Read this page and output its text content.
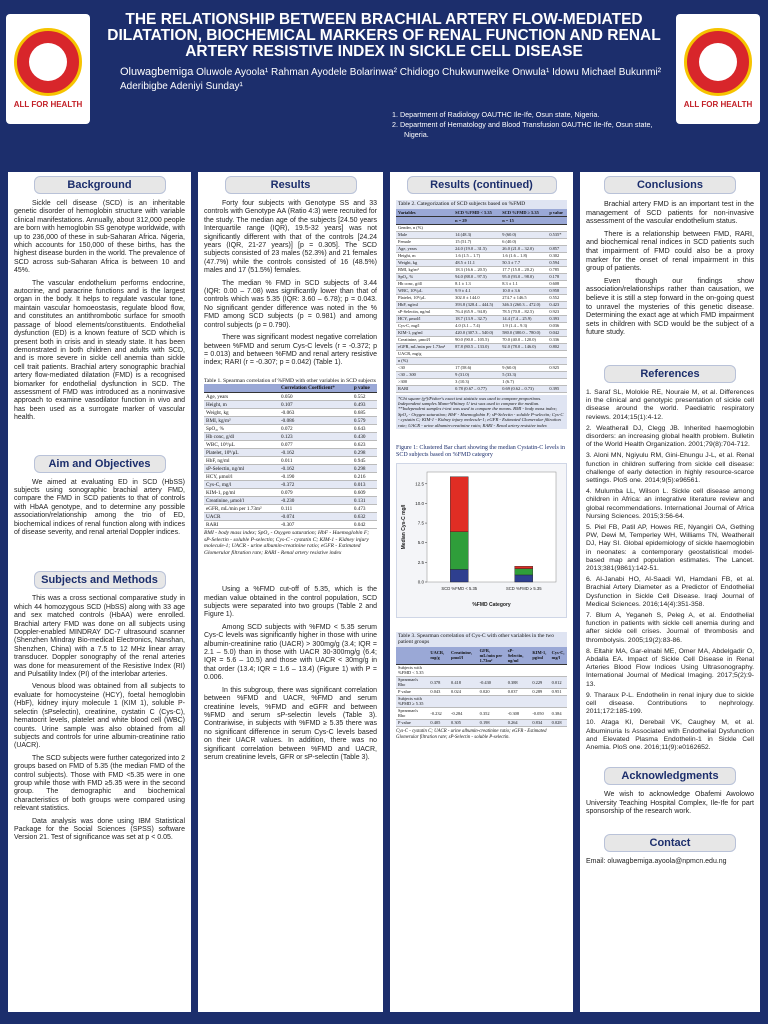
ALL FOR HEALTH	ALL FOR HEALTH
THE RELATIONSHIP BETWEEN BRACHIAL ARTERY FLOW-MEDIATED DILATATION, BIOCHEMICAL MARKERS OF RENAL FUNCTION AND RENAL ARTERY RESISTIVE INDEX IN SICKLE CELL DISEASE
Oluwagbemiga Oluwole Ayoola¹ Rahman Ayodele Bolarinwa² Chidiogo Chukwunweike Onwula¹ Idowu Michael Bukunmi² Aderibigbe Adeniyi Sunday¹
1. Department of Radiology OAUTHC Ile-Ife, Osun state, Nigeria.
2. Department of Hematology and Blood Transfusion OAUTHC Ile-Ife, Osun state, Nigeria.
Background

Sickle cell disease (SCD) is an inheritable genetic disorder of hemoglobin structure with variable clinical manifestations. Annually, about 312,000 people are born with hemoglobin SS genotype worldwide, with up to 236,000 of these in sub-Saharan Africa. Nigeria, which accounts for 150,000 of these births, has the highest disease burden in the world. The prevalence of SCD across sub-Saharan Africa is between 10 and 45%.

The vascular endothelium performs endocrine, autocrine, and paracrine functions and is the largest organ in the body. It helps to regulate vascular tone, maintain vascular homoeostasis, regulate blood flow, and constitutes an antithrombotic surface for smooth passage of blood elements/constituents. Endothelial dysfunction (ED) is a known feature of SCD which is present both in crisis and in steady state. It has been demonstrated in both children and adults with SCD, and is more severe in sickle cell anemia than sickle cell trait patients. Brachial artery sonographic brachial artery flow-mediated dilatation (FMD) is a recognised biomarker for endothelial dysfunction in SCD. The assessment of FMD was introduced as a noninvasive approach to examine vasodilator function in vivo and has been used as a surrogate marker of vascular health.

Aim and Objectives

We aimed at evaluating ED in SCD (HbSS) subjects using sonographic brachial artery FMD, compare the FMD in SCD patients to that of controls with HbAA genotype, and to determine any possible association/relationship among the trio of ED, biochemical indices of renal function along with indices of disease severity, and renal arterial Doppler indices.

Subjects and Methods

This was a cross sectional comparative study in which 44 homozygous SCD (HbSS) along with 33 age and sex matched controls (HbAA) were enrolled. Brachial artery FMD was done on all subjects using Doppler-enabled MINDRAY DC-7 ultrasound scanner (Shenzhen Mindray Bio-medical Electronics, Nanshan, Shenzhen, China) with a 7.5 to 12 MHz linear array transducer. Doppler sonography of the renal arteries was done for measurement of the Resistive Index (RI) and Pulsatility Index (PI) of the interlobar arteries.

Venous blood was obtained from all subjects to evaluate for homocysteine (HCY), foetal hemoglobin (HbF), kidney injury molecule 1 (KIM 1), soluble P-selectin (sPselectin), creatinine, cystatin C (Cys-C), hematocrit levels, platelet and white blood cell (WBC) counts. Urine sample was also obtained from all subjects and controls for urine albumin-creatinine ratio (UACR).

The SCD subjects were further categorized into 2 groups based on FMD of 5.35 (the median FMD of the control subjects). Those with FMD <5.35 were in one group while those with FMD ≥5.35 were in the second group. The demographic and biochemical characteristics of both groups were compared using relevant statistics.

Data analysis was done using IBM Statistical Package for the Social Sciences (SPSS) software Version 21. Test of significance was set at p < 0.05.

Results

Forty four subjects with Genotype SS and 33 controls with Genotype AA (Ratio 4:3) were recruited for the study. The median age of the subjects [24.50 years Interquartile range (IQR), 19.5-32 years] was not significantly different with that of the controls [24.24 years (IQR, 21-27 years)] [p = 0.305]. The SCD subjects consisted of 23 males (52.3%) and 21 females (47.7%) while the controls consisted of 16 (48.5%) males and 17 (51.5%) females.

The median % FMD in SCD subjects of 3.44 (IQR: 0.00 – 7.08) was significantly lower than that of controls which was 5.35 (IQR: 3.60 – 6.78); p = 0.043. No significant gender difference was noted in the % FMD among SCD subjects (p = 0.981) and among control subjects (p = 0.790).

There was significant modest negative correlation between %FMD and serum Cys-C levels (r = -0.372; p = 0.013) and between %FMD and renal artery resistive index; RARI (r = -0.307; p = 0.042) (Table 1).

Table 1. Spearman correlation of %FMD with other variables in SCD subjects
	Correlation Coefficient*	p value
Age, years	0.050	0.552
Height, m	0.107	0.493
Weight, kg	-0.063	0.685
BMI, kg/m²	-0.086	0.579
SpO₂, %	0.072	0.643
Hb conc, g/dl	0.123	0.430
WBC, 10⁹/μL	0.077	0.623
Platelet, 10⁹/μL	-0.162	0.298
HbF, ng/ml	0.011	0.945
sP-Selectin, ng/ml	-0.162	0.298
HCY, μmol/l	-0.190	0.216
Cys-C, mg/l	-0.372	0.013
KIM-1, pg/ml	0.079	0.609
Creatinine, μmol/l	-0.230	0.131
eGFR, mL/min per 1.73m²	0.111	0.473
UACR	-0.074	0.632
RARI	-0.307	0.042
BMI - body mass index; SpO₂ - Oxygen saturation; HbF - Haemoglobin F; sP-Selectin - soluble P-selectin; Cys-C - cystatin C; KIM-1 - Kidney injury molecule-1; UACR - urine albumin-creatinine ratio; eGFR - Estimated Glomerular filtration rate; RARI - Renal artery resistive index

Using a %FMD cut-off of 5.35, which is the median value obtained in the control population, SCD subjects were separated into two groups (Table 2 and Figure 1).

Among SCD subjects with %FMD < 5.35 serum Cys-C levels was significantly higher in those with urine albumin-creatinine ratio (UACR) > 300mg/g (3.4; IQR = 2.1 – 5.0) than in those with UACR 30-300mg/g (6.4; IQR = 5.6 – 10.5) and those with UACR < 30mg/g in that order (13.4; IQR = 1.6 – 13.4) (Figure 1) with P = 0.006.

In this subgroup, there was significant correlation between %FMD and UACR, %FMD and serum creatinine levels, %FMD and eGFR and between %FMD and serum sP-selectin levels (Table 3). Contrariwise, in subjects with %FMD ≥ 5.35 there was no significant difference in serum Cys-C levels based on their UACR values. In addition, there was no significant correlation between %FMD and UACR, serum creatinine levels, GFR or sP-selectin (Table 3).

Results (continued)
Table 2. Categorization of SCD subjects based on %FMD
Variables	SCD %FMD < 5.35	SCD %FMD ≥ 5.35	p value
	n = 29	n = 15	
Gender, n (%)			
Male	14 (48.3)	9 (60.0)	0.535*
Female	15 (51.7)	6 (40.0)	
Age, years	24.0 (19.0 – 31.5)	26.0 (21.0 – 32.0)	0.857
Height, m	1.6 (1.5 – 1.7)	1.6 (1.6 – 1.8)	0.302
Weight, kg	48.5 ± 11.1	50.3 ± 7.7	0.594
BMI, kg/m²	18.3 (16.6 – 20.5)	17.7 (15.8 – 20.2)	0.785
SpO₂, %	94.0 (88.0 – 97.5)	95.0 (93.0 – 98.0)	0.178
Hb conc, g/dl	8.1 ± 1.3	8.3 ± 1.1	0.608
WBC, 10⁹/μL	9.9 ± 4.1	10.0 ± 3.6	0.958
Platelet, 10⁹/μL	302.0 ± 144.0	274.7 ± 146.5	0.552
HbF, ng/ml	393.8 (328.4 – 444.5)	346.3 (260.3 – 472.0)	0.423
sP-Selectin, ng/ml	76.4 (65.9 – 94.8)	78.5 (70.8 – 82.5)	0.923
HCY, μmol/l	18.7 (13.9 – 32.7)	14.4 (7.4 – 25.9)	0.393
Cys-C, mg/l	4.0 (3.1 – 7.4)	1.9 (1.4 – 9.3)	0.036
KIM-1, pg/ml	420.0 (307.3 – 540.0)	580.0 (380.0 – 780.0)	0.042
Creatinine, μmol/l	90.0 (90.0 – 105.5)	70.0 (40.0 – 120.0)	0.336
eGFR, mL/min per 1.73m²	87.8 (80.5 – 133.0)	92.0 (78.0 – 146.0)	0.802
UACR, mg/g			
n (%)			
<30	17 (58.6)	9 (60.0)	0.925
<30 – 300	9 (31.0)	5 (33.3)	
>300	3 (10.3)	1 (6.7)	
RARI	0.78 (0.67 – 0.77)	0.69 (0.62 – 0.73)	0.395
*Chi square (χ²)/Fisher's exact test statistic was used to compare proportions. Independent samples Mann-Whitney U test was used to compare the median. **Independent samples t-test was used to compare the means. BMI - body mass index; SpO₂ - Oxygen saturation; HbF - Haemoglobin F; sP-Selectin - soluble P-selectin; Cys-C - cystatin C; KIM-1 - Kidney injury molecule-1; eGFR - Estimated Glomerular filtration rate; UACR - urine albumin-creatinine ratio; RARI - Renal artery resistive index
Figure 1: Clustered Bar chart showing the median Cystatin-C levels in SCD subjects based on %FMD category
0.0
2.5
5.0
7.5
10.0
12.5
SCD %FMD < 5.35	SCD %FMD ≥ 5.35
%FMD Category
Median Cys-C mg/l
Table 3. Spearman correlation of Cys-C with other variables in the two patient groups
	UACR, mg/g	Creatinine, μmol/l	GFR, mL/min per 1.73m²	sP-Selectin, ng/ml	KIM-1, pg/ml	Cys-C, mg/l
Subjects with %FMD < 5.35						
Spearman's Rho	0.378	0.418	-0.430	0.388	0.229	0.012
P value	0.043	0.024	0.020	0.037	0.289	0.951
Subjects with %FMD ≥ 5.35						
Spearman's Rho	-0.232	-0.284	0.352	-0.308	-0.050	0.384
P value	0.405	0.305	0.198	0.264	0.834	0.028
Cys-C - cystatin C; UACR - urine albumin-creatinine ratio; eGFR - Estimated Glomerular filtration rate; sP-Selectin - soluble P-selectin.
Conclusions

Brachial artery FMD is an important test in the management of SCD patients for non-invasive assessment of the vascular endothelium status.

There is a relationship between FMD, RARI, and biochemical renal indices in SCD patients such that impairment of FMD could also be a proxy marker for the onset of renal impairment in this group of patients.

Even though our findings show association/relationships rather than causation, we believe it is still a step forward in the on-going quest to unravel the mysteries of this genetic disease. Determining the exact age at which FMD impairment sets in children with SCD would be the subject of a future study.

References
1. Saraf SL, Molokie RE, Nouraie M, et al. Differences in the clinical and genotypic presentation of sickle cell disease around the world. Paediatric respiratory reviews. 2014;15(1):4-12.
2. Weatherall DJ, Clegg JB. Inherited haemoglobin disorders: an increasing global health problem. Bulletin of the World Health Organization. 2001;79(8):704-712.
3. Aloni MN, Ngiyulu RM, Gini-Ehungu J-L, et al. Renal function in children suffering from sickle cell disease: challenge of early detection in highly resource-scarce settings. PloS one. 2014;9(5):e96561.
4. Mulumba LL, Wilson L. Sickle cell disease among children in Africa: an integrative literature review and global recommendations. International Journal of Africa Nursing Sciences. 2015;3:56-64.
5. Piel FB, Patil AP, Howes RE, Nyangiri OA, Gething PW, Dewi M, Temperley WH, Williams TN, Weatherall DJ, Hay SI. Global epidemiology of sickle haemoglobin in neonates: a contemporary geostatistical model-based map and population estimates. The Lancet. 2013;381(9861):142-51.
6. Al-Janabi HO, Al-Saadi WI, Hamdani FB, et al. Brachial Artery Diameter as a Predictor of Endothelial Dysfunction in Sickle Cell Disease. Iraqi Journal of Medical Sciences. 2016;14(4):351-358.
7. Blum A, Yeganeh S, Peleg A, et al. Endothelial function in patients with sickle cell anemia during and after sickle cell crises. Journal of thrombosis and thrombolysis. 2005;19(2):83-86.
8. Eltahir MA, Gar-elnabi ME, Omer MA, Abdelgadir O, Abdalla EA. Impact of Sickle Cell Disease in Renal Arteries Blood Flow Indices Using Ultrasonography. International Journal of Medical Imaging. 2017;5(2):9-13.
9. Tharaux P-L. Endothelin in renal injury due to sickle cell disease. Contributions to nephrology. 2011;172:185-199.
10. Ataga KI, Derebail VK, Caughey M, et al. Albuminuria Is Associated with Endothelial Dysfunction and Elevated Plasma Endothelin-1 in Sickle Cell Anemia. PloS one. 2016;11(9):e0162652.
Acknowledgments
We wish to acknowledge Obafemi Awolowo University Teaching Hospital Complex, Ile-Ife for part sponsorship of the research work.
Contact
Email: oluwagbemiga.ayoola@npmcn.edu.ng
